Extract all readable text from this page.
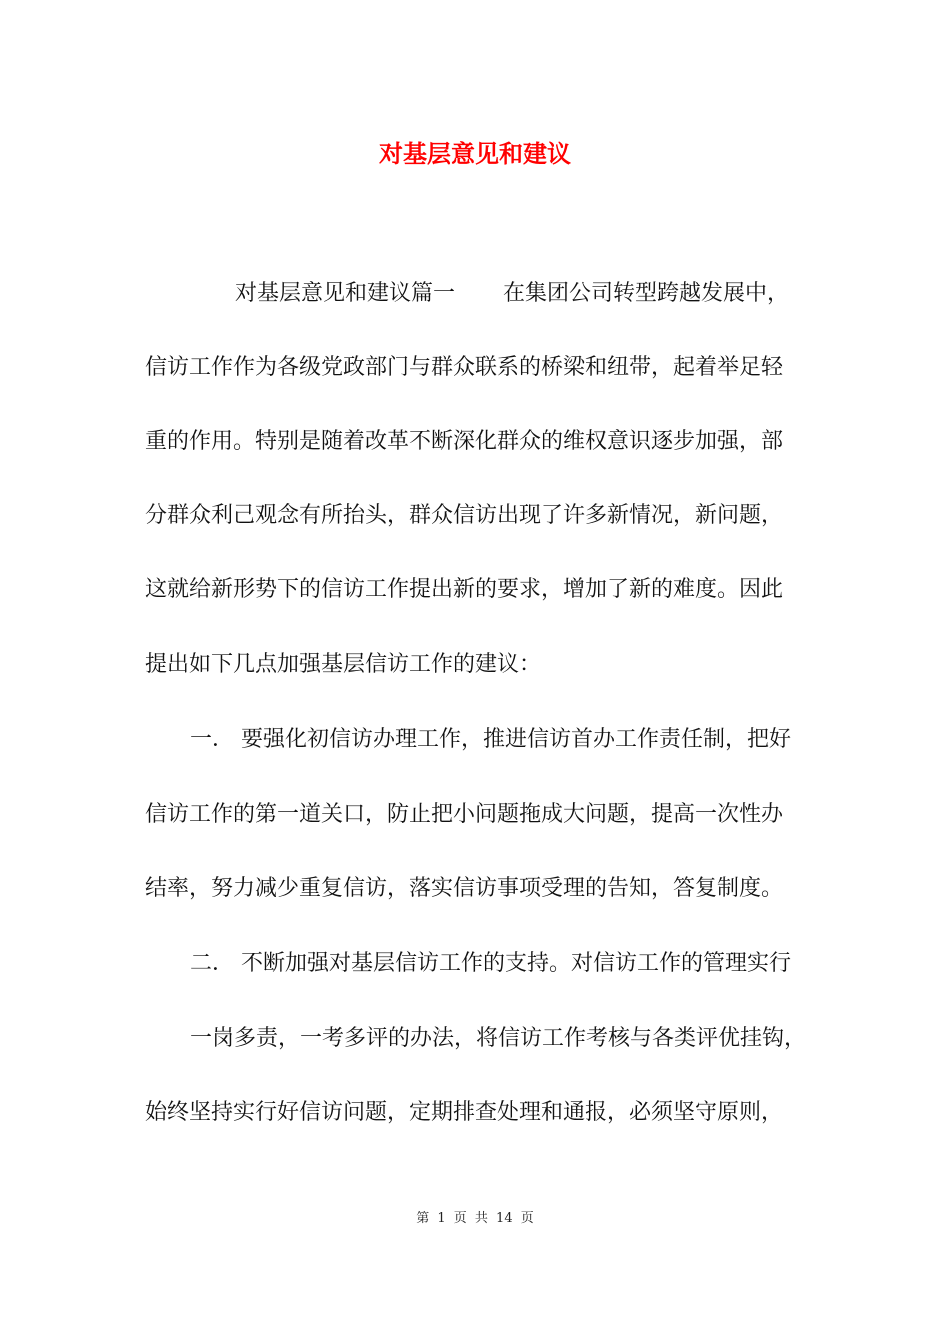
对基层意见和建议

对基层意见和建议篇一 在集团公司转型跨越发展中，

信访工作作为各级党政部门与群众联系的桥梁和纽带，起着举足轻

重的作用。特别是随着改革不断深化群众的维权意识逐步加强，部

分群众利己观念有所抬头，群众信访出现了许多新情况，新问题，

这就给新形势下的信访工作提出新的要求，增加了新的难度。因此

提出如下几点加强基层信访工作的建议：

一． 要强化初信访办理工作，推进信访首办工作责任制，把好

信访工作的第一道关口，防止把小问题拖成大问题，提高一次性办

结率，努力减少重复信访，落实信访事项受理的告知，答复制度。

二． 不断加强对基层信访工作的支持。对信访工作的管理实行

一岗多责，一考多评的办法，将信访工作考核与各类评优挂钩，

始终坚持实行好信访问题，定期排查处理和通报，必须坚守原则，

第 1 页 共 14 页
